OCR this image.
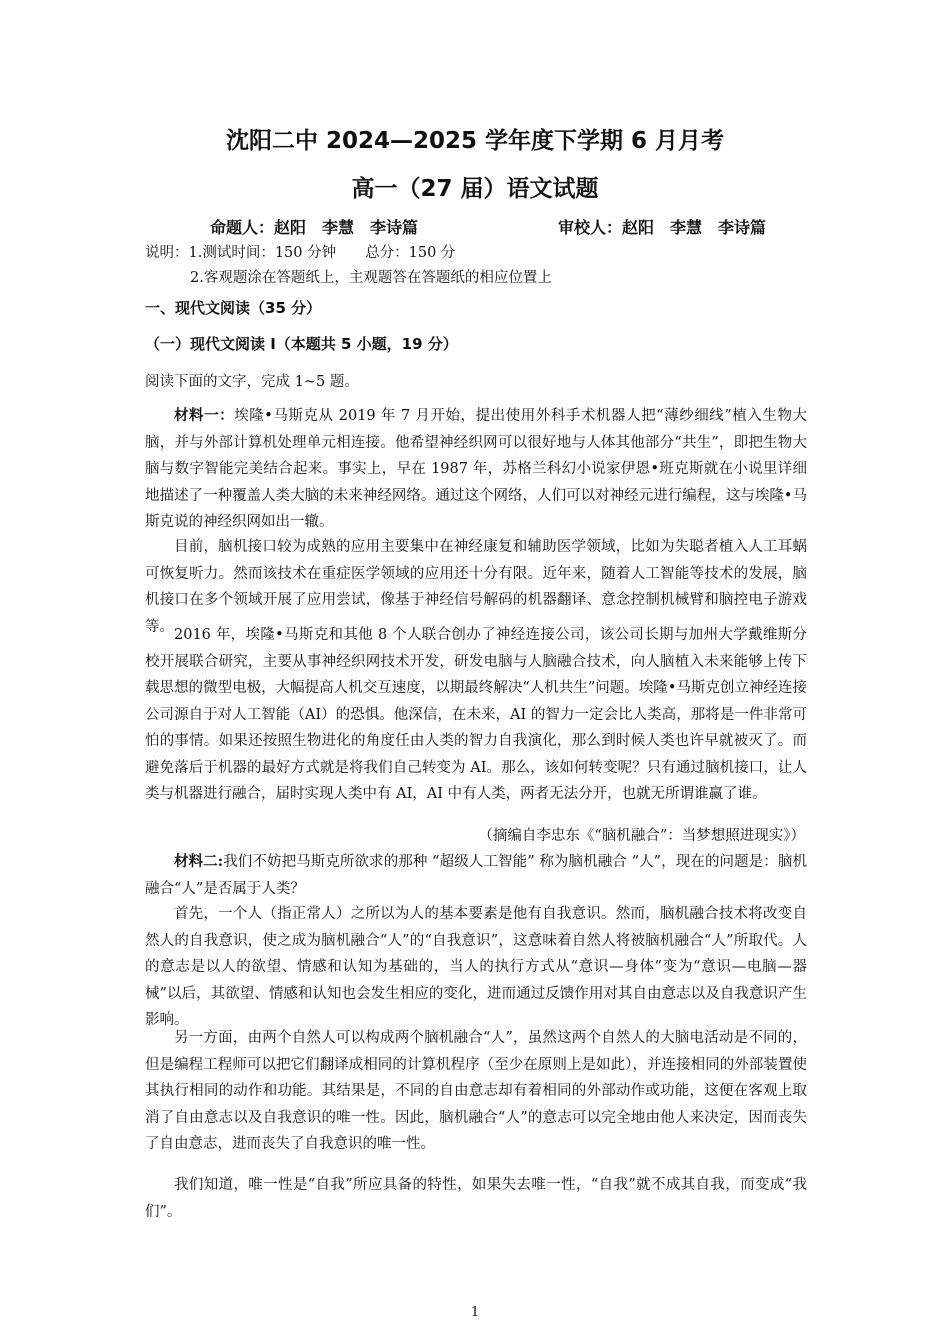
沈阳二中 2024—2025 学年度下学期 6 月月考
高一（27 届）语文试题
命题人：赵阳　李慧　李诗篇	审校人：赵阳　李慧　李诗篇
说明：1.测试时间：150 分钟　　总分：150 分
2.客观题涂在答题纸上，主观题答在答题纸的相应位置上
一、现代文阅读（35 分）
（一）现代文阅读 I（本题共 5 小题，19 分）
阅读下面的文字，完成 1~5 题。

材料一：埃隆•马斯克从 2019 年 7 月开始，提出使用外科手术机器人把“薄纱细线”植入生物大脑，并与外部计算机处理单元相连接。他希望神经织网可以很好地与人体其他部分“共生”，即把生物大脑与数字智能完美结合起来。事实上，早在 1987 年，苏格兰科幻小说家伊恩•班克斯就在小说里详细地描述了一种覆盖人类大脑的未来神经网络。通过这个网络，人们可以对神经元进行编程，这与埃隆•马斯克说的神经织网如出一辙。

目前，脑机接口较为成熟的应用主要集中在神经康复和辅助医学领域，比如为失聪者植入人工耳蜗可恢复听力。然而该技术在重症医学领域的应用还十分有限。近年来，随着人工智能等技术的发展，脑机接口在多个领域开展了应用尝试，像基于神经信号解码的机器翻译、意念控制机械臂和脑控电子游戏等。

2016 年，埃隆•马斯克和其他 8 个人联合创办了神经连接公司，该公司长期与加州大学戴维斯分校开展联合研究，主要从事神经织网技术开发，研发电脑与人脑融合技术，向人脑植入未来能够上传下载思想的微型电极，大幅提高人机交互速度，以期最终解决“人机共生”问题。埃隆•马斯克创立神经连接公司源自于对人工智能（AI）的恐惧。他深信，在未来，AI 的智力一定会比人类高，那将是一件非常可怕的事情。如果还按照生物进化的角度任由人类的智力自我演化，那么到时候人类也许早就被灭了。而避免落后于机器的最好方式就是将我们自己转变为 AI。那么，该如何转变呢？只有通过脑机接口，让人类与机器进行融合，届时实现人类中有 AI，AI 中有人类，两者无法分开，也就无所谓谁赢了谁。

（摘编自李忠东《“脑机融合”：当梦想照进现实》）

材料二:我们不妨把马斯克所欲求的那种 “超级人工智能” 称为脑机融合 “人”，现在的问题是：脑机融合“人”是否属于人类？

首先，一个人（指正常人）之所以为人的基本要素是他有自我意识。然而，脑机融合技术将改变自然人的自我意识，使之成为脑机融合“人”的“自我意识”，这意味着自然人将被脑机融合“人”所取代。人的意志是以人的欲望、情感和认知为基础的，当人的执行方式从“意识—身体”变为“意识—电脑—器械”以后，其欲望、情感和认知也会发生相应的变化，进而通过反馈作用对其自由意志以及自我意识产生影响。

另一方面，由两个自然人可以构成两个脑机融合“人”，虽然这两个自然人的大脑电活动是不同的，但是编程工程师可以把它们翻译成相同的计算机程序（至少在原则上是如此），并连接相同的外部装置使其执行相同的动作和功能。其结果是，不同的自由意志却有着相同的外部动作或功能，这便在客观上取消了自由意志以及自我意识的唯一性。因此，脑机融合“人”的意志可以完全地由他人来决定，因而丧失了自由意志，进而丧失了自我意识的唯一性。

我们知道，唯一性是“自我”所应具备的特性，如果失去唯一性，“自我”就不成其自我，而变成“我们”。

1
